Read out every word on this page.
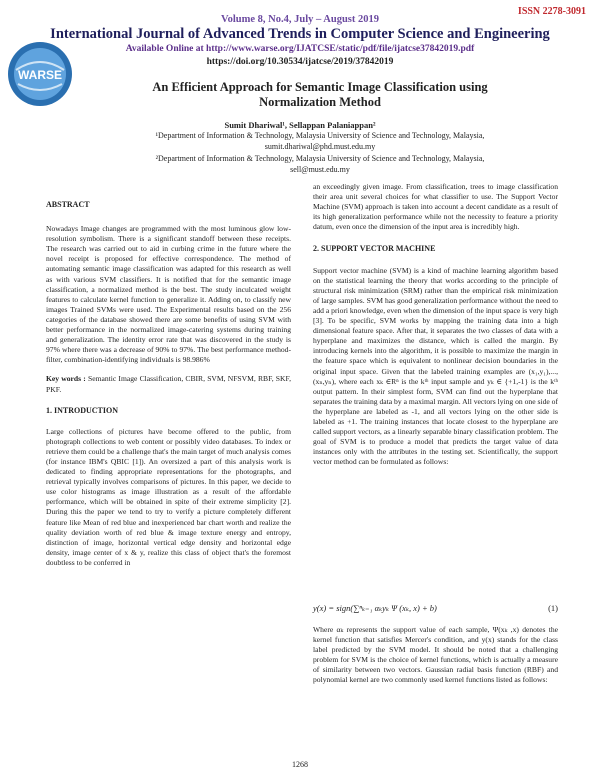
ISSN 2278-3091
Volume 8, No.4, July – August 2019
International Journal of Advanced Trends in Computer Science and Engineering
Available Online at http://www.warse.org/IJATCSE/static/pdf/file/ijatcse37842019.pdf
https://doi.org/10.30534/ijatcse/2019/37842019
WARSE
An Efficient Approach for Semantic Image Classification using
Normalization Method
Sumit Dhariwal¹, Sellappan Palaniappan²
¹Department of Information & Technology, Malaysia University of Science and Technology, Malaysia,
sumit.dhariwal@phd.must.edu.my
²Department of Information & Technology, Malaysia University of Science and Technology, Malaysia,
sell@must.edu.my
ABSTRACT

Nowadays Image changes are programmed with the most luminous glow low- resolution symbolism. There is a significant standoff between these receipts. The research was carried out to aid in curbing crime in the future where the novel receipt is proposed for effective correspondence. The method of automating semantic image classification was adapted for this research as well as with various SVM classifiers. It is notified that for the semantic image classification, a normalized method is the best. The study inculcated weight features to calculate kernel function to generalize it. Adding on, to classify new images Trained SVMs were used. The Experimental results based on the 256 categories of the database showed there are some benefits of using SVM with better performance in the normalized image-catering systems during training and generalization. The identity error rate that was discovered in the study is 97% where there was a decrease of 90% to 97%. The best performance method-filter, combination-identifying individuals is 98.986%

Key words : Semantic Image Classification, CBIR, SVM, NFSVM, RBF, SKF, PKF.

1. INTRODUCTION

Large collections of pictures have become offered to the public, from photograph collections to web content or possibly video databases. To index or retrieve them could be a challenge that's the main target of much analysis comes (for instance IBM's QBIC [1]). An oversized a part of this analysis work is dedicated to finding appropriate representations for the photographs, and retrieval typically involves comparisons of pictures. In this paper, we decide to use color histograms as image illustration as a result of the affordable performance, which will be obtained in spite of their extreme simplicity [2]. During this the paper we tend to try to verify a picture completely different feature like Mean of red blue and inexperienced bar chart worth and realize the quality deviation worth of red blue & image texture energy and entropy, distinction of image, horizontal vertical edge density and horizontal edge density, image center of x & y, realize this class of object that's the foremost doubtless to be conferred in

an exceedingly given image. From classification, trees to image classification their area unit several choices for what classifier to use. The Support Vector Machine (SVM) approach is taken into account a decent candidate as a result of its high generalization performance while not the necessity to feature a priority datum, even once the dimension of the input area is incredibly high.

2. SUPPORT VECTOR MACHINE

Support vector machine (SVM) is a kind of machine learning algorithm based on the statistical learning the theory that works according to the principle of structural risk minimization (SRM) rather than the empirical risk minimization of large samples. SVM has good generalization performance without the need to add a priori knowledge, even when the dimension of the input space is very high [3]. To be specific, SVM works by mapping the training data into a high dimensional feature space. After that, it separates the two classes of data with a hyperplane and maximizes the distance, which is called the margin. By introducing kernels into the algorithm, it is possible to maximize the margin in the feature space which is equivalent to nonlinear decision boundaries in the original input space. Given that the labeled training examples are (x₁,y₁),...,(xₙ,yₙ), where each xₖ ∈Rⁿ is the kᵗʰ input sample and yₖ ∈ {+1,-1} is the kᵗʰ output pattern. In their simplest form, SVM can find out the hyperplane that separates the training data by a maximal margin. All vectors lying on one side of the hyperplane are labeled as -1, and all vectors lying on the other side is labeled as +1. The training instances that locate closest to the hyperplane are called support vectors, as a linearly separable binary classification problem. The goal of SVM is to produce a model that predicts the target value of data instances only with the attributes in the testing set. Scientifically, the support vector method can be formulated as follows:

y(x) = sign(∑ⁿₖ₌₁ αₖyₖ Ψ (xₖ, x) + b)	(1)
Where αₖ represents the support value of each sample, Ψ(xₖ ,x) denotes the kernel function that satisfies Mercer's condition, and y(x) stands for the class label predicted by the SVM model. It should be noted that a challenging problem for SVM is the choice of kernel functions, which is actually a measure of similarity between two vectors. Gaussian radial basis function (RBF) and polynomial kernel are two commonly used kernel functions listed as follows:
1268
